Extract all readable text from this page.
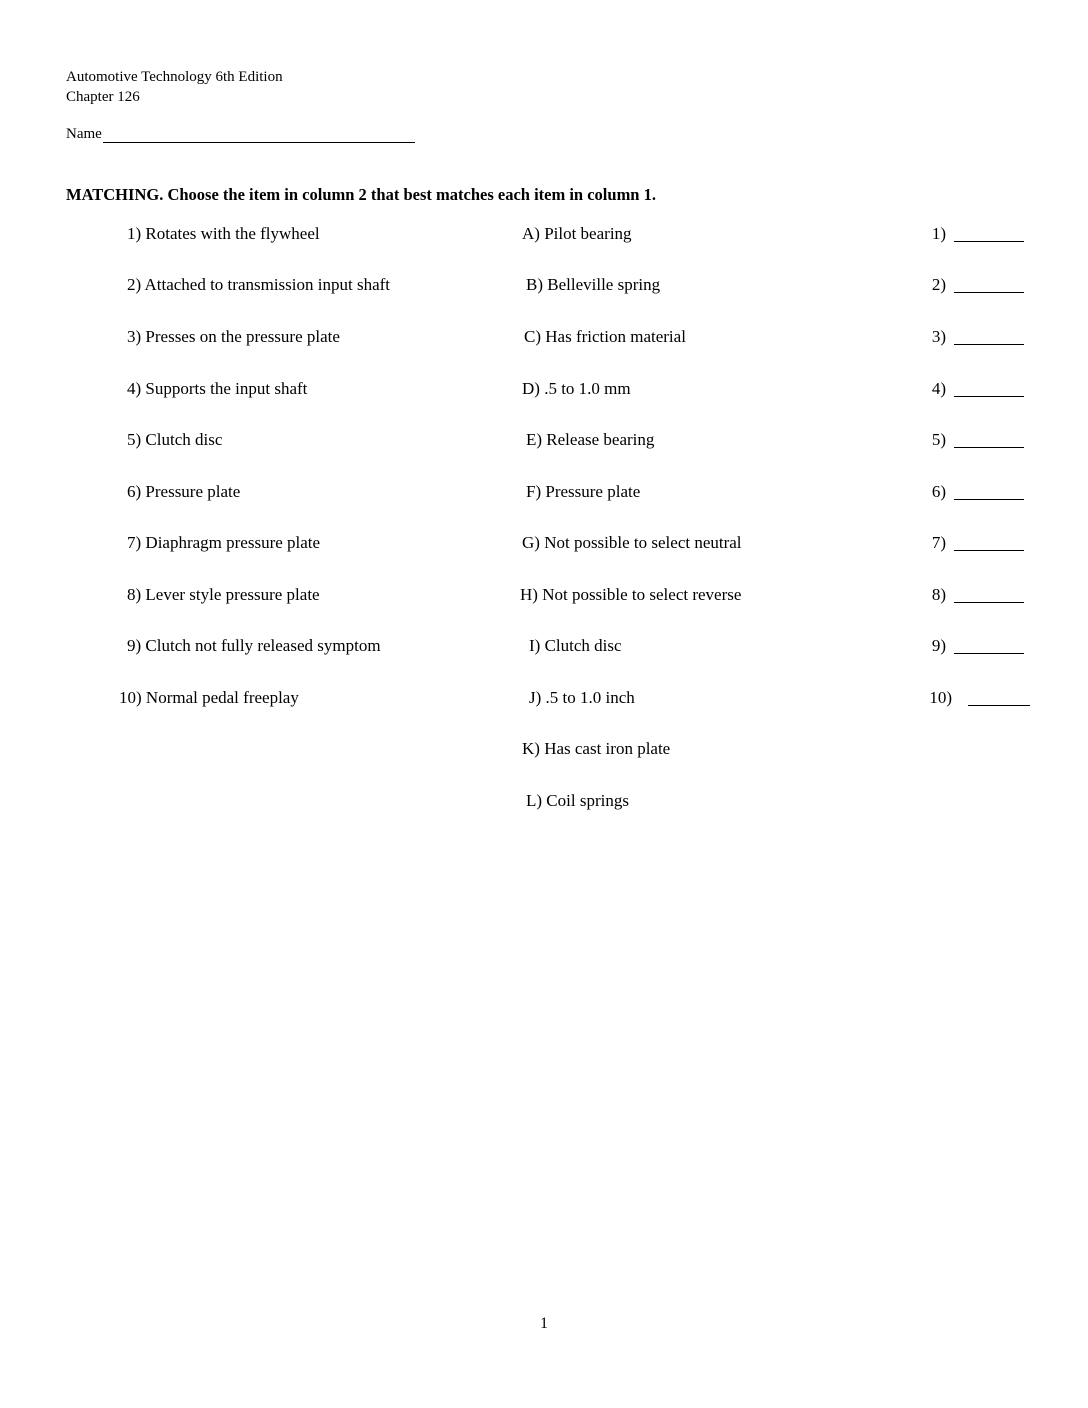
Automotive Technology 6th Edition
Chapter 126
Name
MATCHING. Choose the item in column 2 that best matches each item in column 1.
1) Rotates with the flywheel	A) Pilot bearing	1)
2) Attached to transmission input shaft	B) Belleville spring	2)
3) Presses on the pressure plate	C) Has friction material	3)
4) Supports the input shaft	D) .5 to 1.0 mm	4)
5) Clutch disc	E) Release bearing	5)
6) Pressure plate	F) Pressure plate	6)
7) Diaphragm pressure plate	G) Not possible to select neutral	7)
8) Lever style pressure plate	H) Not possible to select reverse	8)
9) Clutch not fully released symptom	I) Clutch disc	9)
10) Normal pedal freeplay	J) .5 to 1.0 inch	10)
K) Has cast iron plate
L) Coil springs
1
